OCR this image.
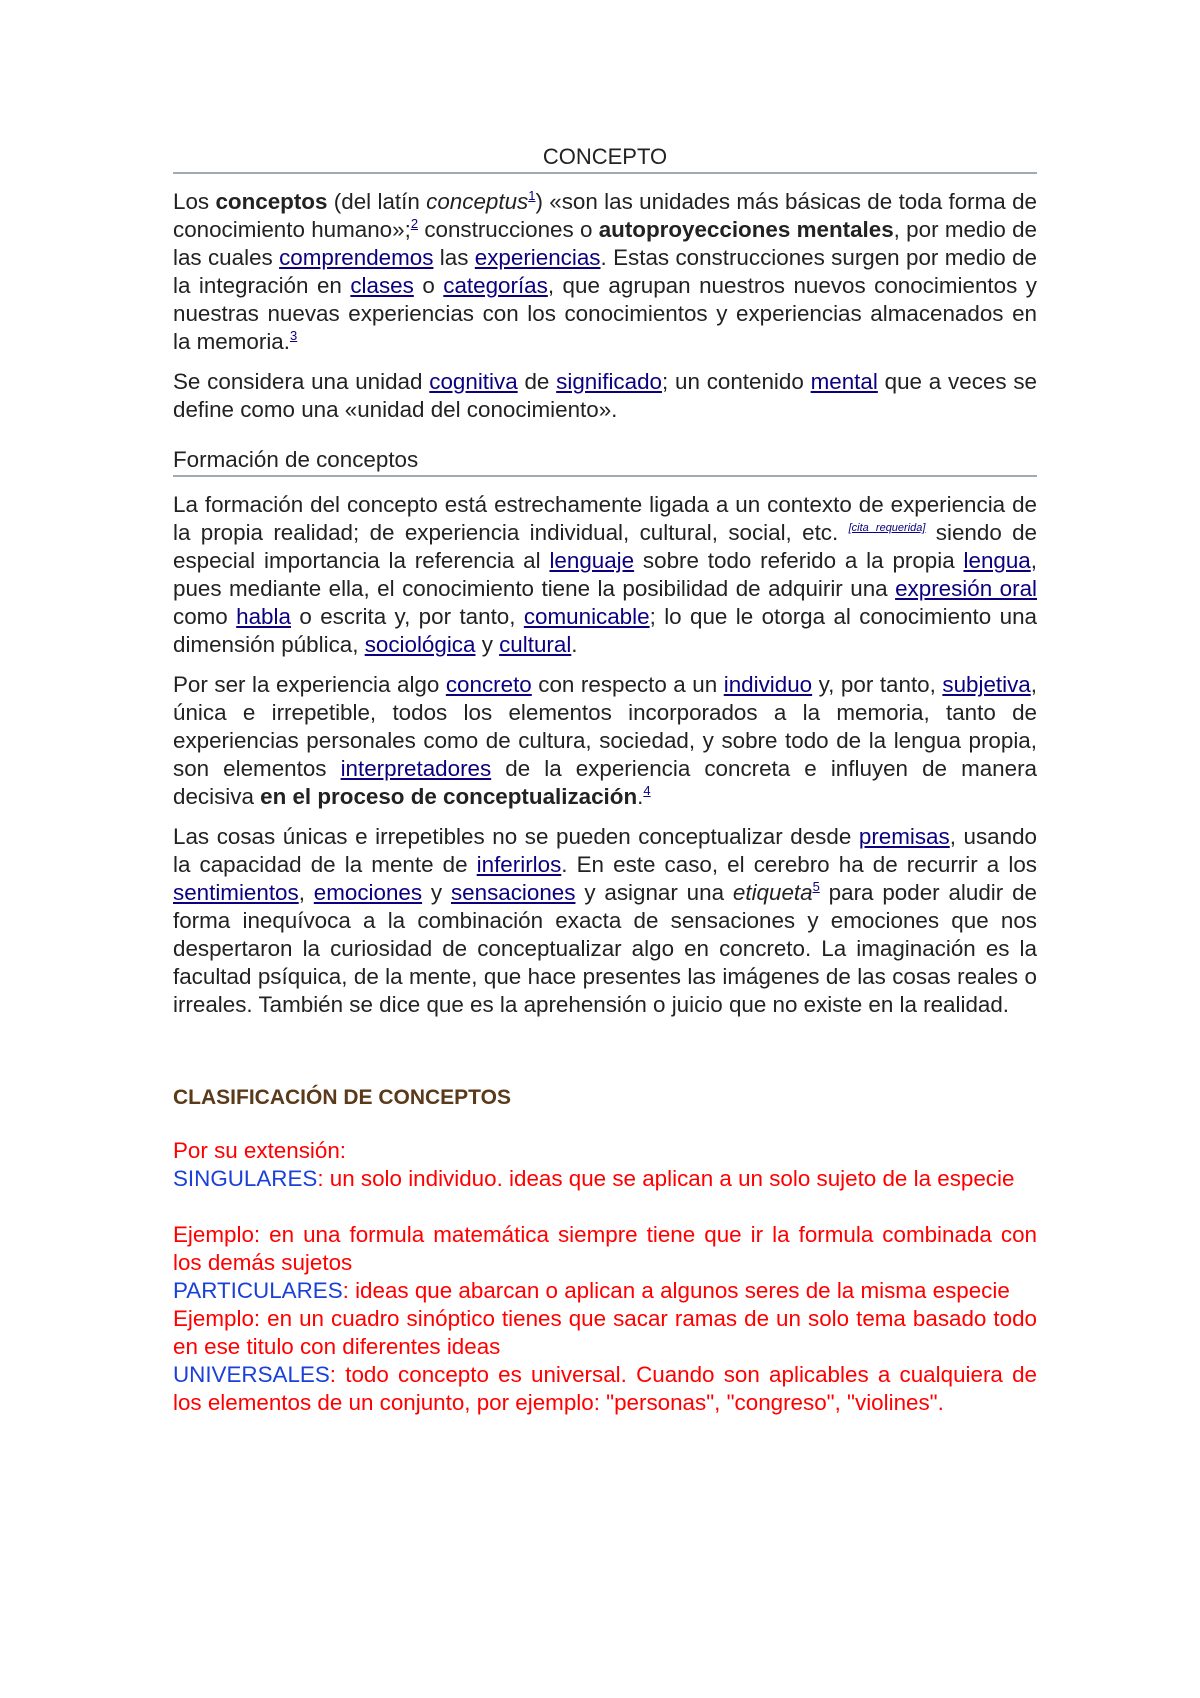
CONCEPTO

Los conceptos (del latín conceptus$^1$) «son las unidades más básicas de toda forma de conocimiento humano»;$^2$ construcciones o autoproyecciones mentales, por medio de las cuales comprendemos las experiencias. Estas construcciones surgen por medio de la integración en clases o categorías, que agrupan nuestros nuevos conocimientos y nuestras nuevas experiencias con los conocimientos y experiencias almacenados en la memoria.$^3$

Se considera una unidad cognitiva de significado; un contenido mental que a veces se define como una «unidad del conocimiento».

Formación de conceptos

La formación del concepto está estrechamente ligada a un contexto de experiencia de la propia realidad; de experiencia individual, cultural, social, etc. [cita requerida] siendo de especial importancia la referencia al lenguaje sobre todo referido a la propia lengua, pues mediante ella, el conocimiento tiene la posibilidad de adquirir una expresión oral como habla o escrita y, por tanto, comunicable; lo que le otorga al conocimiento una dimensión pública, sociológica y cultural.

Por ser la experiencia algo concreto con respecto a un individuo y, por tanto, subjetiva, única e irrepetible, todos los elementos incorporados a la memoria, tanto de experiencias personales como de cultura, sociedad, y sobre todo de la lengua propia, son elementos interpretadores de la experiencia concreta e influyen de manera decisiva en el proceso de conceptualización.$^4$

Las cosas únicas e irrepetibles no se pueden conceptualizar desde premisas, usando la capacidad de la mente de inferirlos. En este caso, el cerebro ha de recurrir a los sentimientos, emociones y sensaciones y asignar una etiqueta$^5$ para poder aludir de forma inequívoca a la combinación exacta de sensaciones y emociones que nos despertaron la curiosidad de conceptualizar algo en concreto. La imaginación es la facultad psíquica, de la mente, que hace presentes las imágenes de las cosas reales o irreales. También se dice que es la aprehensión o juicio que no existe en la realidad.

CLASIFICACIÓN DE CONCEPTOS

Por su extensión:

SINGULARES: un solo individuo. ideas que se aplican a un solo sujeto de la especie

Ejemplo: en una formula matemática siempre tiene que ir la formula combinada con los demás sujetos

PARTICULARES: ideas que abarcan o aplican a algunos seres de la misma especie

Ejemplo: en un cuadro sinóptico tienes que sacar ramas de un solo tema basado todo en ese titulo con diferentes ideas

UNIVERSALES: todo concepto es universal. Cuando son aplicables a cualquiera de los elementos de un conjunto, por ejemplo: "personas", "congreso", "violines".
